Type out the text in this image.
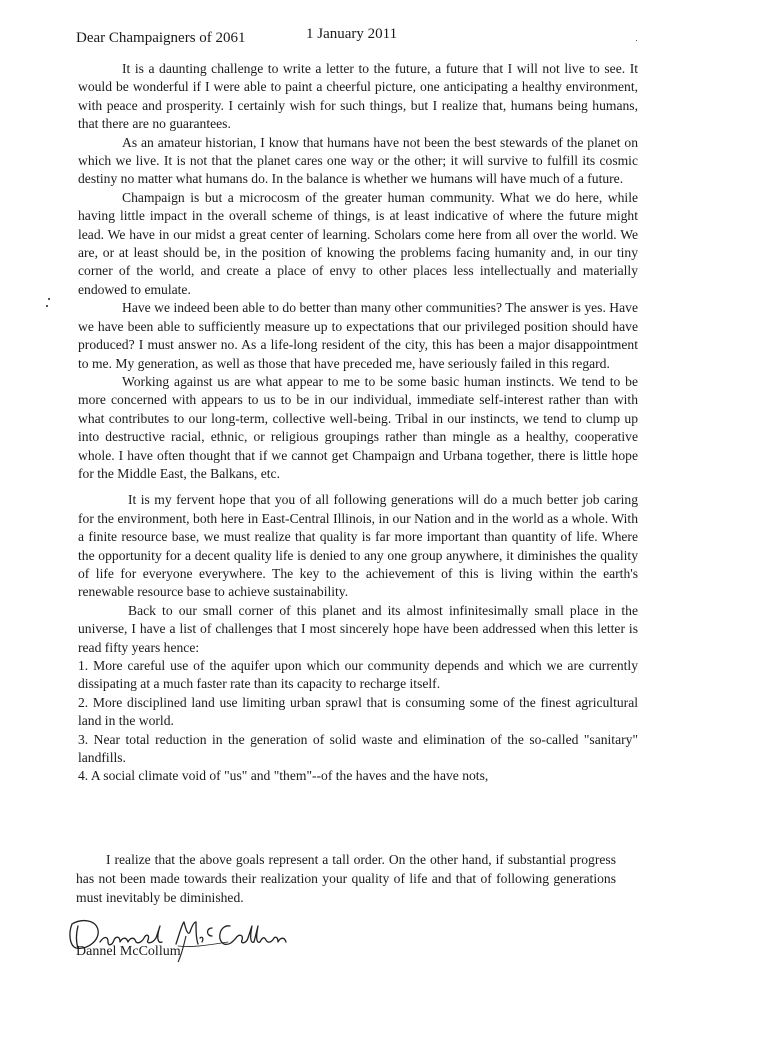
Dear Champaigners of 2061	1 January 2011

It is a daunting challenge to write a letter to the future, a future that I will not live to see. It would be wonderful if I were able to paint a cheerful picture, one anticipating a healthy environment, with peace and prosperity. I certainly wish for such things, but I realize that, humans being humans, that there are no guarantees.

As an amateur historian, I know that humans have not been the best stewards of the planet on which we live. It is not that the planet cares one way or the other; it will survive to fulfill its cosmic destiny no matter what humans do. In the balance is whether we humans will have much of a future.

Champaign is but a microcosm of the greater human community. What we do here, while having little impact in the overall scheme of things, is at least indicative of where the future might lead. We have in our midst a great center of learning. Scholars come here from all over the world. We are, or at least should be, in the position of knowing the problems facing humanity and, in our tiny corner of the world, and create a place of envy to other places less intellectually and materially endowed to emulate.

Have we indeed been able to do better than many other communities? The answer is yes. Have we have been able to sufficiently measure up to expectations that our privileged position should have produced? I must answer no. As a life-long resident of the city, this has been a major disappointment to me. My generation, as well as those that have preceded me, have seriously failed in this regard.

Working against us are what appear to me to be some basic human instincts. We tend to be more concerned with appears to us to be in our individual, immediate self-interest rather than with what contributes to our long-term, collective well-being. Tribal in our instincts, we tend to clump up into destructive racial, ethnic, or religious groupings rather than mingle as a healthy, cooperative whole. I have often thought that if we cannot get Champaign and Urbana together, there is little hope for the Middle East, the Balkans, etc.

It is my fervent hope that you of all following generations will do a much better job caring for the environment, both here in East-Central Illinois, in our Nation and in the world as a whole. With a finite resource base, we must realize that quality is far more important than quantity of life. Where the opportunity for a decent quality life is denied to any one group anywhere, it diminishes the quality of life for everyone everywhere. The key to the achievement of this is living within the earth's renewable resource base to achieve sustainability.

Back to our small corner of this planet and its almost infinitesimally small place in the universe, I have a list of challenges that I most sincerely hope have been addressed when this letter is read fifty years hence:

1. More careful use of the aquifer upon which our community depends and which we are currently dissipating at a much faster rate than its capacity to recharge itself.

2. More disciplined land use limiting urban sprawl that is consuming some of the finest agricultural land in the world.

3. Near total reduction in the generation of solid waste and elimination of the so-called "sanitary" landfills.

4. A social climate void of "us" and "them"--of the haves and the have nots,

I realize that the above goals represent a tall order. On the other hand, if substantial progress has not been made towards their realization your quality of life and that of following generations must inevitably be diminished.

Dannel McCollum
